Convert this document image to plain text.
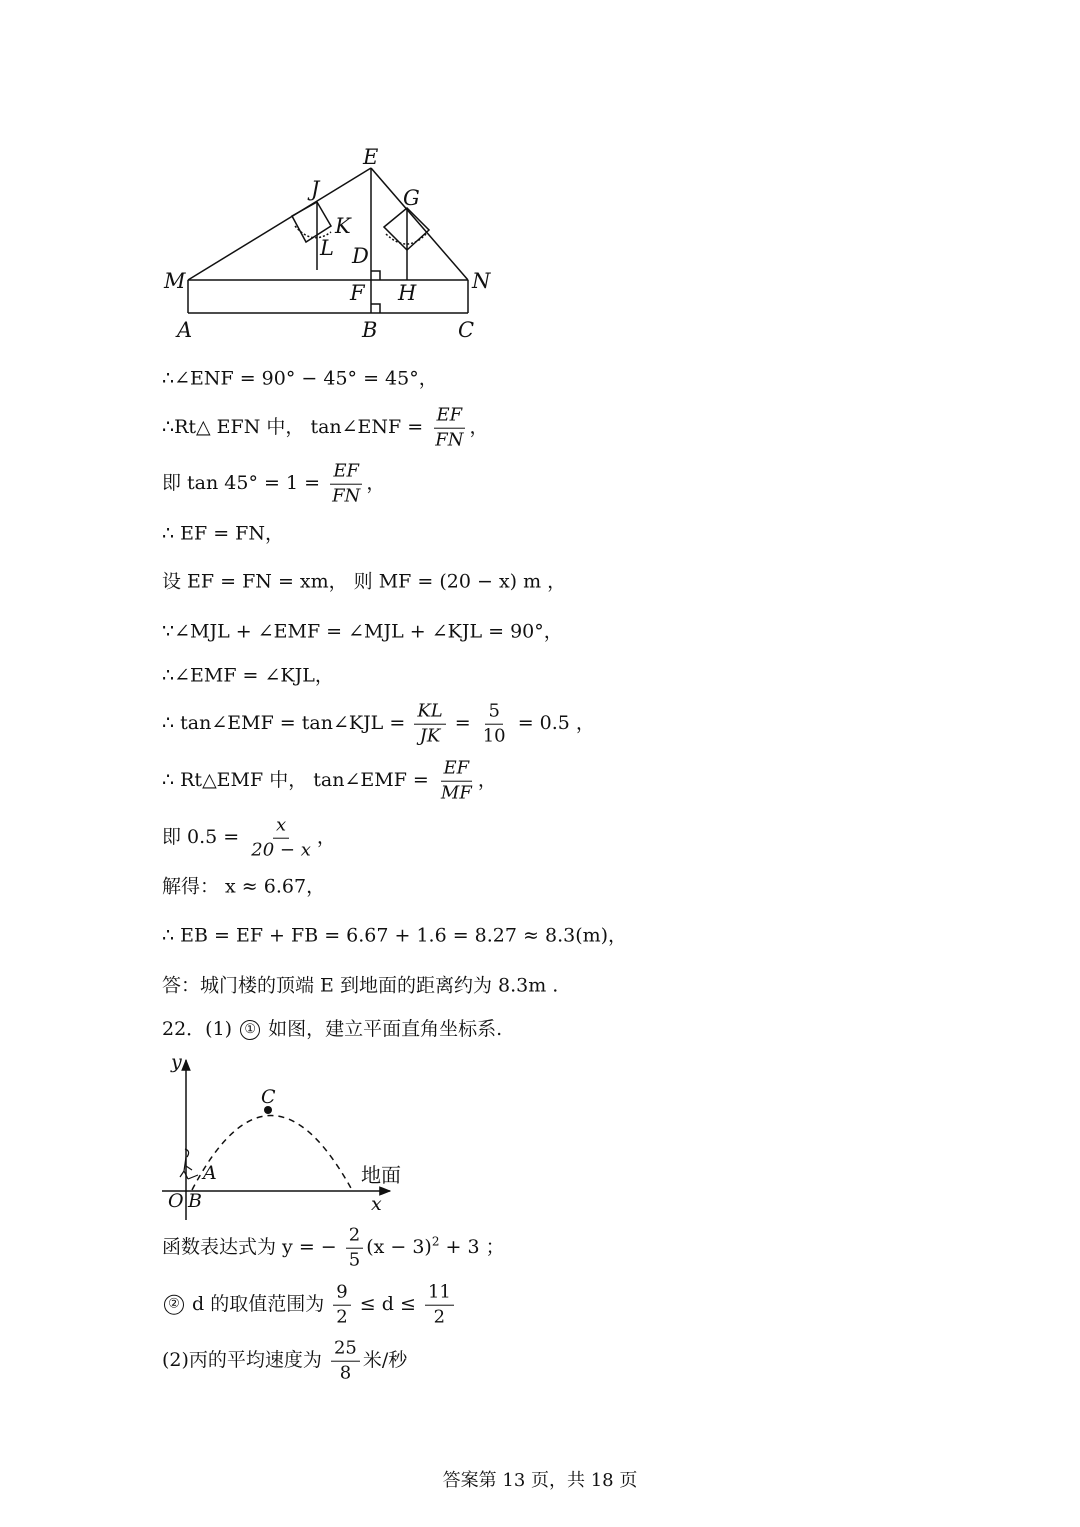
E
J	G
K
L D
M	N
F H
A	B	C
∴∠ENF = 90° − 45° = 45°，
∴Rt△ EFN 中， tan∠ENF = $\frac{EF}{FN}$ ，
即 $\tan 45^\circ = 1 = \frac{EF}{FN}$ ，
∴ EF = FN，
设 EF = FN = xm， 则 MF = (20 − x) m ，
∵∠MJL + ∠EMF = ∠MJL + ∠KJL = 90°，
∴∠EMF = ∠KJL，
∴ tan∠EMF = tan∠KJL = $\frac{KL}{JK} = \frac{5}{10} = 0.5$ ，
∴ Rt△EMF 中， tan∠EMF = $\frac{EF}{MF}$ ，
即 $0.5 = \frac{x}{20 - x}$ ，
解得： x ≈ 6.67，
∴ EB = EF + FB = 6.67 + 1.6 = 8.27 ≈ 8.3(m)，
答：城门楼的顶端 E 到地面的距离约为 8.3m .
22．(1) ① 如图，建立平面直角坐标系.
y
C
A
O B	x
地面
函数表达式为 y = − $\frac{2}{5} (x - 3)^2 + 3$ ；
② d 的取值范围为 $\frac{9}{2} \le d \le \frac{11}{2}$
(2)丙的平均速度为 $\frac{25}{8}$ 米/秒
答案第 13 页，共 18 页
